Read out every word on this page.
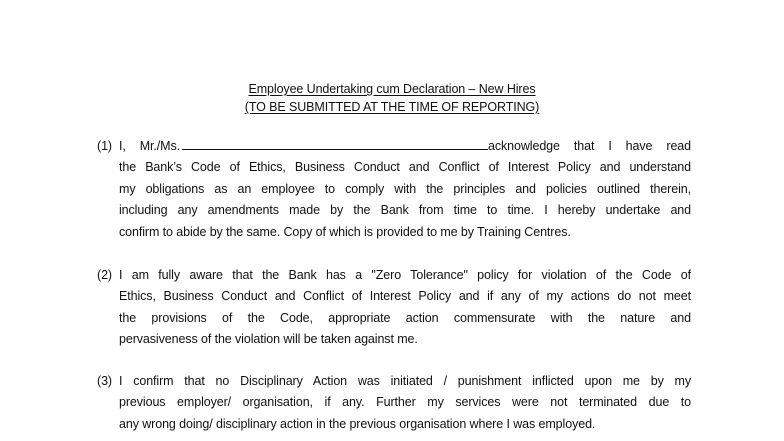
Employee Undertaking cum Declaration – New Hires
(TO BE SUBMITTED AT THE TIME OF REPORTING)
(1) I, Mr./Ms.	acknowledge that I have read
the Bank’s Code of Ethics, Business Conduct and Conflict of Interest Policy and understand
my obligations as an employee to comply with the principles and policies outlined therein,
including any amendments made by the Bank from time to time. I hereby undertake and
confirm to abide by the same. Copy of which is provided to me by Training Centres.
(2) I am fully aware that the Bank has a "Zero Tolerance" policy for violation of the Code of
Ethics, Business Conduct and Conflict of Interest Policy and if any of my actions do not meet
the provisions of the Code, appropriate action commensurate with the nature and
pervasiveness of the violation will be taken against me.
(3) I confirm that no Disciplinary Action was initiated / punishment inflicted upon me by my
previous employer/ organisation, if any. Further my services were not terminated due to
any wrong doing/ disciplinary action in the previous organisation where I was employed.
